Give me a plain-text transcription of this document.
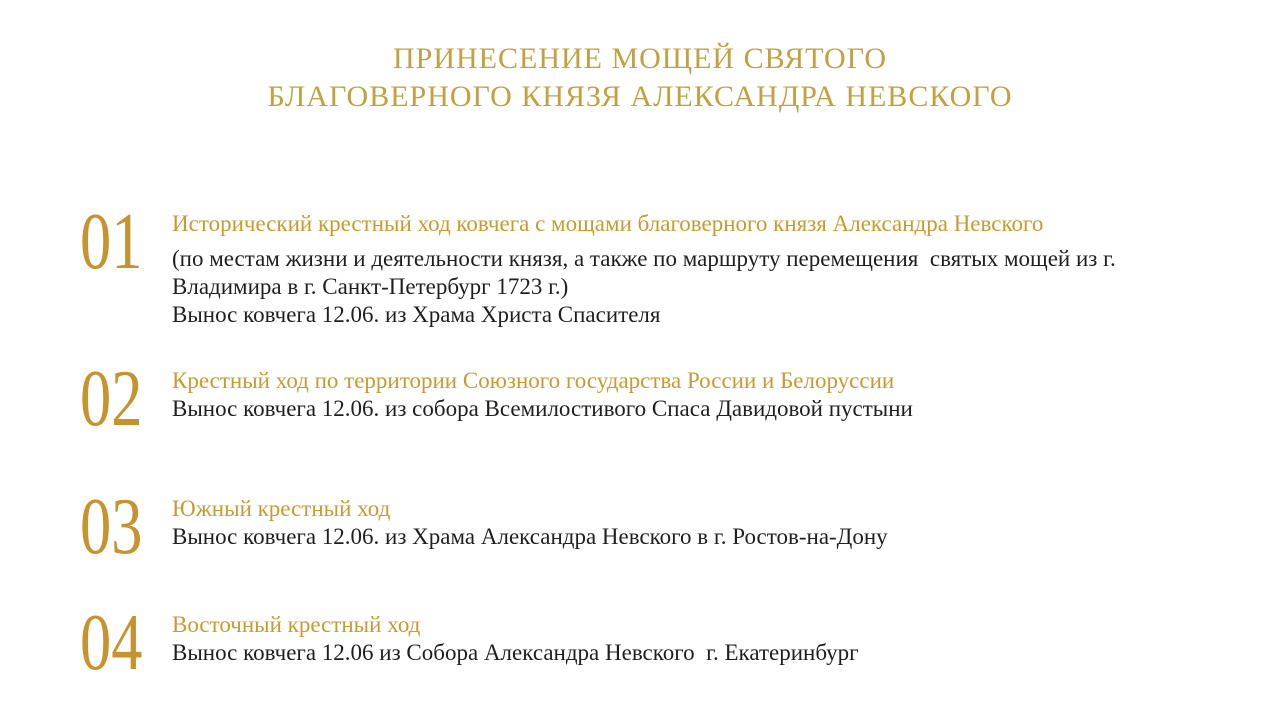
ПРИНЕСЕНИЕ МОЩЕЙ СВЯТОГО
БЛАГОВЕРНОГО КНЯЗЯ АЛЕКСАНДРА НЕВСКОГО
01	Исторический крестный ход ковчега с мощами благоверного князя Александра Невского
(по местам жизни и деятельности князя, а также по маршруту перемещения  святых мощей из г.
Владимира в г. Санкт-Петербург 1723 г.)
Вынос ковчега 12.06. из Храма Христа Спасителя
02	Крестный ход по территории Союзного государства России и Белоруссии
Вынос ковчега 12.06. из собора Всемилостивого Спаса Давидовой пустыни
03	Южный крестный ход
Вынос ковчега 12.06. из Храма Александра Невского в г. Ростов-на-Дону
04	Восточный крестный ход
Вынос ковчега 12.06 из Собора Александра Невского  г. Екатеринбург
